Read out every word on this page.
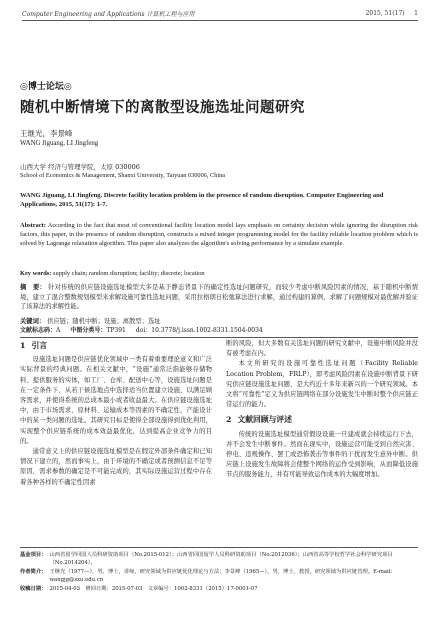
Computer Engineering and Applications 计算机工程与应用	2015, 51(17) 1
◎博士论坛◎
随机中断情境下的离散型设施选址问题研究
王继光，李景峰
WANG Jiguang, LI Jingfeng
山西大学 经济与管理学院，太原 030006
School of Economics & Management, Shanxi University, Taiyuan 030006, China
WANG Jiguang, LI Jingfeng. Discrete facility location problem in the presence of random disruption. Computer Engineering and Applications, 2015, 51(17): 1-7.
Abstract: According to the fact that most of conventional facility location model lays emphasis on certainty decision while ignoring the disruption risk factors, this paper, in the presence of random disruption, constructs a mixed integer programming model for the facility reliable location problem which is solved by Lagrange relaxation algorithm. This paper also analyzes the algorithm's solving performance by a simulate example.
Key words: supply chain; random disruption; facility; discrete; location
摘　要： 针对传统的供应链设施选址模型大多是基于静态背景下的确定性选址问题研究，而较少考虑中断风险因素的情况，基于随机中断情境，建立了混合整数规划模型来求解设施可靠性选址问题，采用拉格朗日松弛算法进行求解，通过构建的算例，求解了问题规模对最优解并验证了该算法的求解性能。
关键词： 供应链；随机中断；设施；离散型；选址
文献标志码：A 中图分类号：TP391 doi：10.3778/j.issn.1002-8331.1504-0034
1 引言

设施选址问题是供应链优化领域中一类有着重要理论意义和广泛实际背景的经典问题。在相关文献中，“设施”通常泛指能够存储物料、提供服务的实体，如工厂、仓库、配送中心等，设施选址问题是在一定条件下，从若干候选地点中选择适当位置建立设施，以满足顾客需求，并使得系统的总成本最小或者收益最大。在供应链设施选址中，由于市场需求、原材料、运输成本等因素的不确定性，产能设计中的某一类问题的选址。其研究目标是使得全部设施得到优化利用，实现整个供应链系统的成本效益最优化，达到提高企业竞争力的目的。

通常意义上的供应链设施选址模型是在假定外部条件确定和已知情况下建立的，然而事实上，由于环境的不确定或者预测信息不足等原因，需求参数的确定是不可能完成的，其实际设施运营过程中存在着各种各样的不确定性因素

断的风险，但大多数有关选址问题的研究文献中，设施中断风险并没有被考虑在内。

本文所研究的设施可靠性选址问题（Facility Reliable Location Problem，FRLP），即考虑风险因素在设施中断背景下研究供应链设施选址问题，是大约近十多年来新兴的一个研究领域。本文将“可靠性”定义为供应链网络在部分设施发生中断时整个供应链正常运行的能力。

2 文献回顾与评述

传统的设施选址模型通常假设设施一旦建成就会持续运行下去，并不会发生中断事件。然而在现实中，设施运营可能受到自然灾害、停电、违规操作、罢工或恐怖袭击等事件的干扰而发生意外中断。供应链上设施发生故障将会使整个网络的运作受到影响，从而降低设施节点的服务能力，并有可能导致运作成本的大幅度增加。

基金项目： 山西省留学回国人员科研资助项目（No.2015-012）；山西省回国留学人员科研资助项目（No.2012036）；山西省高等学校哲学社会科学研究项目（No.2014204）。
作者简介： 王继光（1977—），男，博士，讲师，研究领域为供应链优化理论与方法；李景峰（1965—），男，博士，教授，研究领域为供应链管理。E-mail：wangjg@sxu.edu.cn
收稿日期： 2015-04-03　修回日期：2015-07-03　文章编号：1002-8331（2015）17-0001-07
